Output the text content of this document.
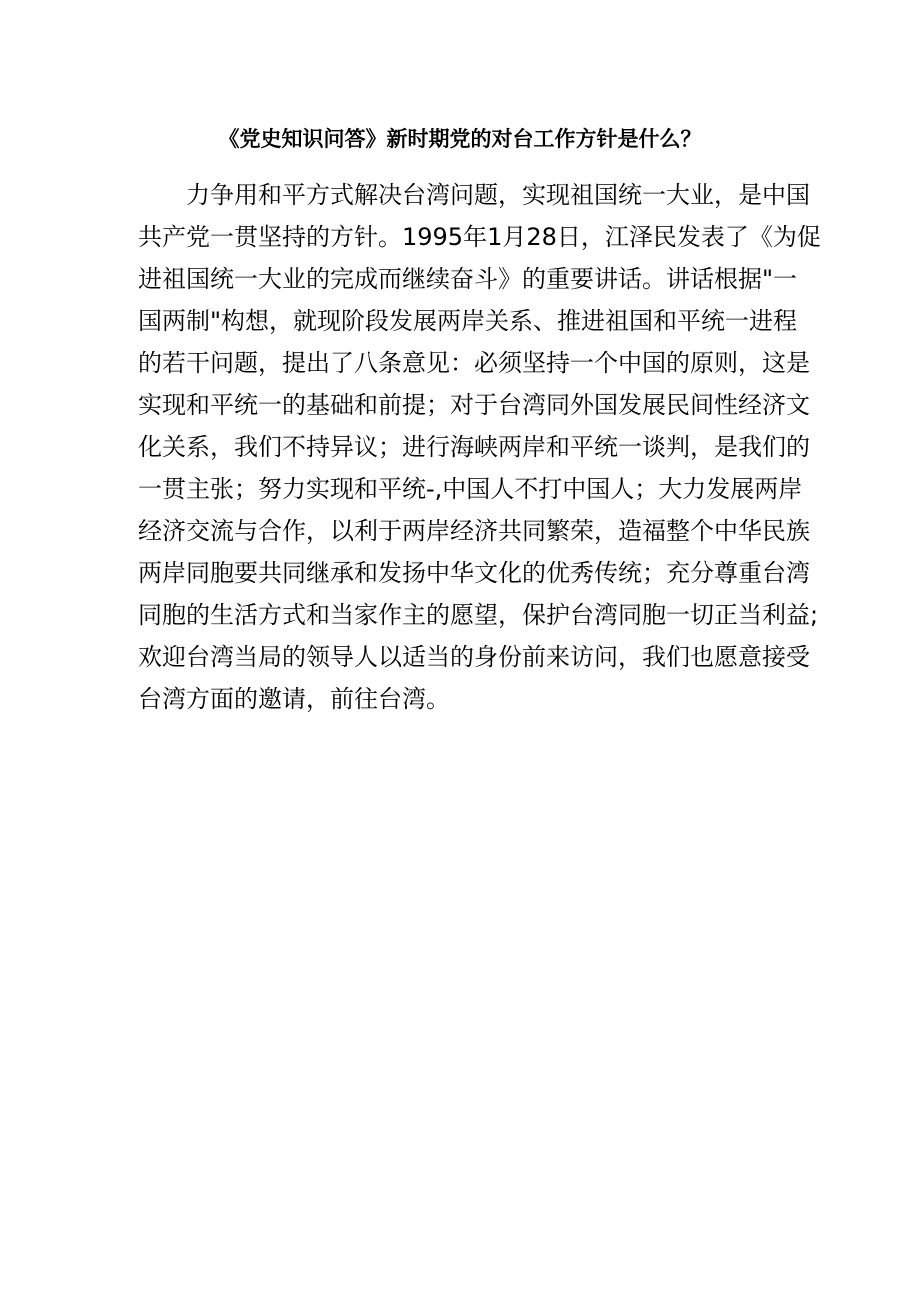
《党史知识问答》新时期党的对台工作方针是什么？
力争用和平方式解决台湾问题，实现祖国统一大业，是中国
共产党一贯坚持的方针。1995年1月28日，江泽民发表了《为促
进祖国统一大业的完成而继续奋斗》的重要讲话。讲话根据"一
国两制"构想，就现阶段发展两岸关系、推进祖国和平统一进程
的若干问题，提出了八条意见：必须坚持一个中国的原则，这是
实现和平统一的基础和前提；对于台湾同外国发展民间性经济文
化关系，我们不持异议；进行海峡两岸和平统一谈判，是我们的
一贯主张；努力实现和平统-,中国人不打中国人；大力发展两岸
经济交流与合作，以利于两岸经济共同繁荣，造福整个中华民族
两岸同胞要共同继承和发扬中华文化的优秀传统；充分尊重台湾
同胞的生活方式和当家作主的愿望，保护台湾同胞一切正当利益;
欢迎台湾当局的领导人以适当的身份前来访问，我们也愿意接受
台湾方面的邀请，前往台湾。
